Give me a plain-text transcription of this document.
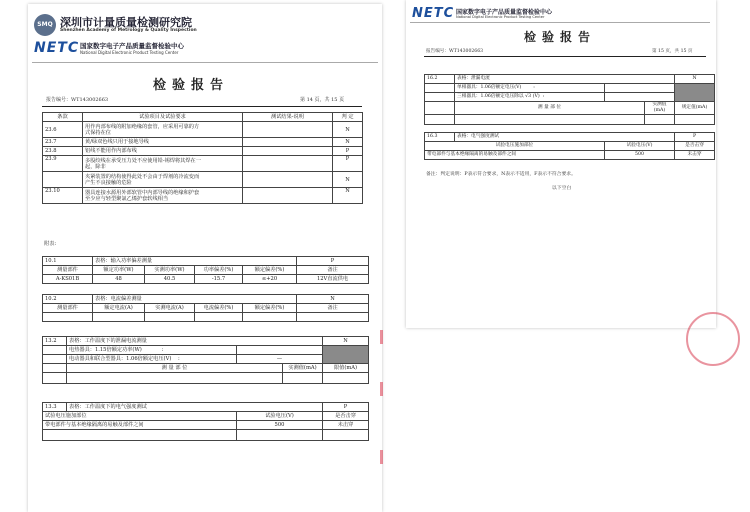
SMQ 深圳市计量质量检测研究院
Shenzhen Academy of Metrology & Quality Inspection
NETC 国家数字电子产品质量监督检验中心
National Digital Electronic Product Testing Center
检验报告
报告编号：WT143002663	第 14 页，共 15 页
条款	试验项目及试验要求	测试结果-说明	判 定
23.6	用作内部布线的附加绝缘的套管，应采用可靠的方
式保持在位		N
23.7	黄/绿双色线只用于接地导线		N
23.8	铝线不能用作内部布线		P
23.9	多股绞线在承受压力处不应使用铅-锡焊将其焊在一
起，除非		P
	夹紧装置的结构使得此处不会由于焊剂的冷流变而
产生不良接触的危险		N
23.10	器具连接水源用外部软管中内部导线的绝缘和护套
至少应与轻型聚氯乙烯护套软线相当		N
附表:
10.1	表格：输入功率偏差测量				P
测量部件	额定功率(W)	实测功率(W)	功率偏差(%)	额定偏差(%)	备注
A-KS01B	48	40.5	-15.7	≤+20	12V直流供电
10.2	表格：电流偏差测量				N
测量部件	额定电流(A)	实测电流(A)	电流偏差(%)	额定偏差(%)	备注

13.2	表格：工作温度下的泄漏电流测量			N
	电热器具：1.15倍额定功率(W) :			
	电动器具和联合型器具：1.06倍额定电压(V) :	—		
	测 量 部 位		实测值(mA)	限值(mA)

13.3	表格：工作温度下的电气强度测试		P
试验电压施加部位		试验电压(V)	是否击穿
带电部件与基本绝缘隔离的易触及部件之间		500	未击穿

NETC 国家数字电子产品质量监督检验中心
National Digital Electronic Product Testing Center
检验报告
报告编号：WT143002663	第 15 页，共 15 页
16.2	表格：泄漏电流			N
	单相器具：1.06倍额定电压(V) :			
	三相器具：1.06倍额定电压除以 √3 (V) :			
	测 量 部 位		实测值(mA)	规定值(mA)

16.3	表格：电气强度测试		P
试验电压施加部位		试验电压(V)	是否击穿
带电部件与基本绝缘隔离的易触及部件之间		500	未击穿
备注：判定说明：P表示符合要求，N表示不适用，F表示不符合要求。
以下空白
